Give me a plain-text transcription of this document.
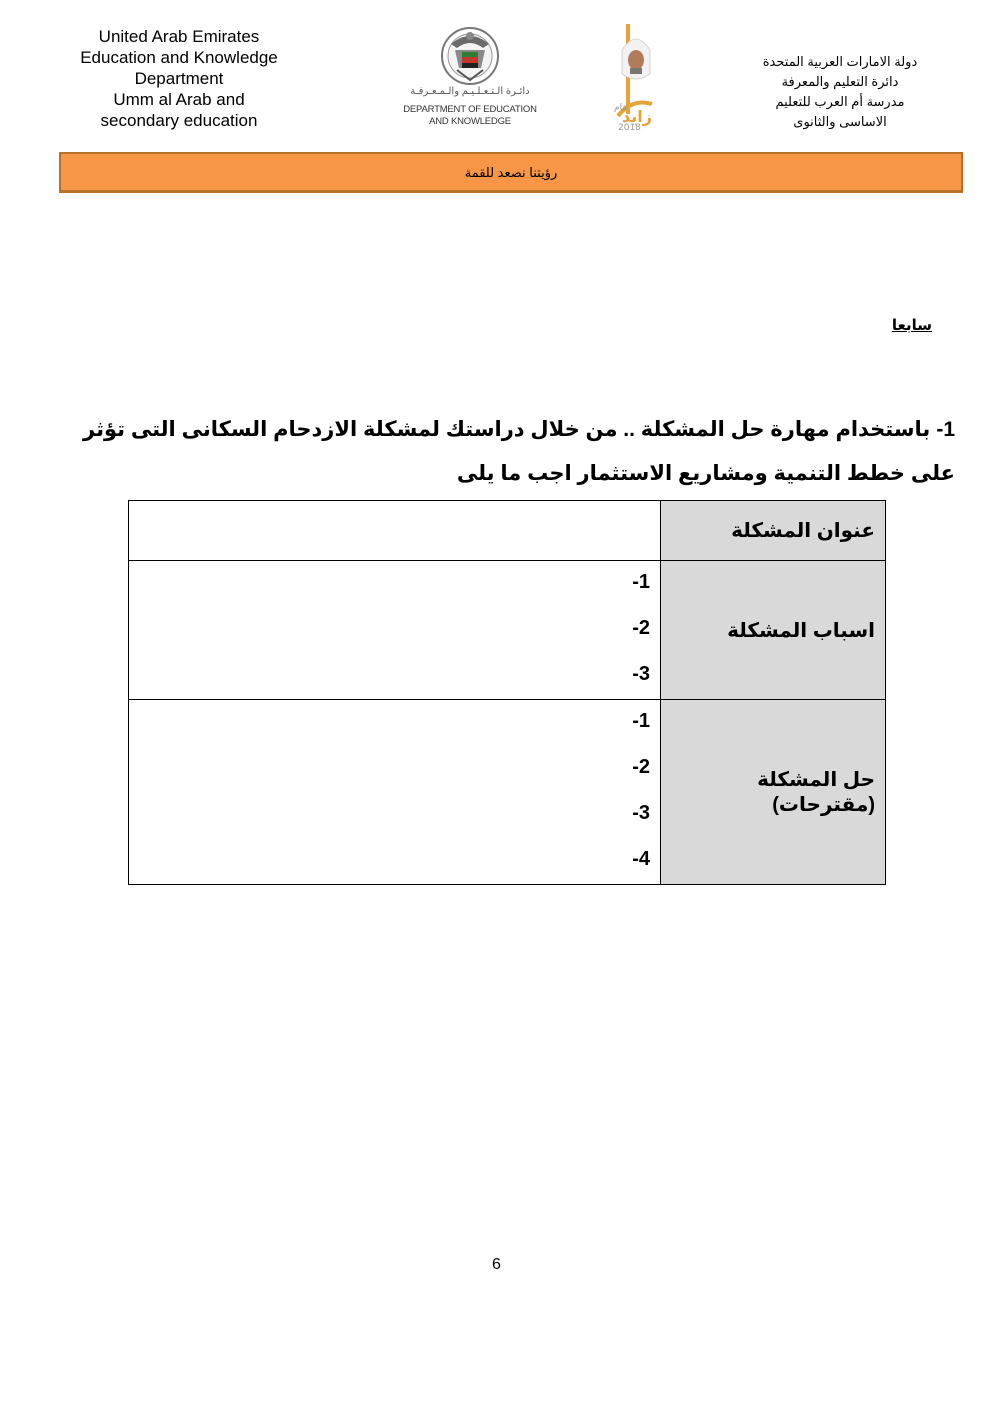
United Arab Emirates
Education and Knowledge
Department
Umm al Arab and
secondary education
دائـرة الـتـعـلـيـم والـمـعـرفـة
DEPARTMENT OF EDUCATION
AND KNOWLEDGE
عام
زايد
2018
دولة الامارات العربية المتحدة
دائرة التعليم والمعرفة
مدرسة أم العرب للتعليم
الاساسى والثانوى
رؤيتنا نصعد للقمة
سابعا
1-باستخدام مهارة حل المشكلة .. من خلال دراستك لمشكلة الازدحام السكانى التى تؤثر على خطط التنمية ومشاريع الاستثمار اجب ما يلى
عنوان المشكلة	
اسباب المشكلة	-1
-2
-3

حل المشكلة (مقترحات)	-1
-2
-3
-4
6
